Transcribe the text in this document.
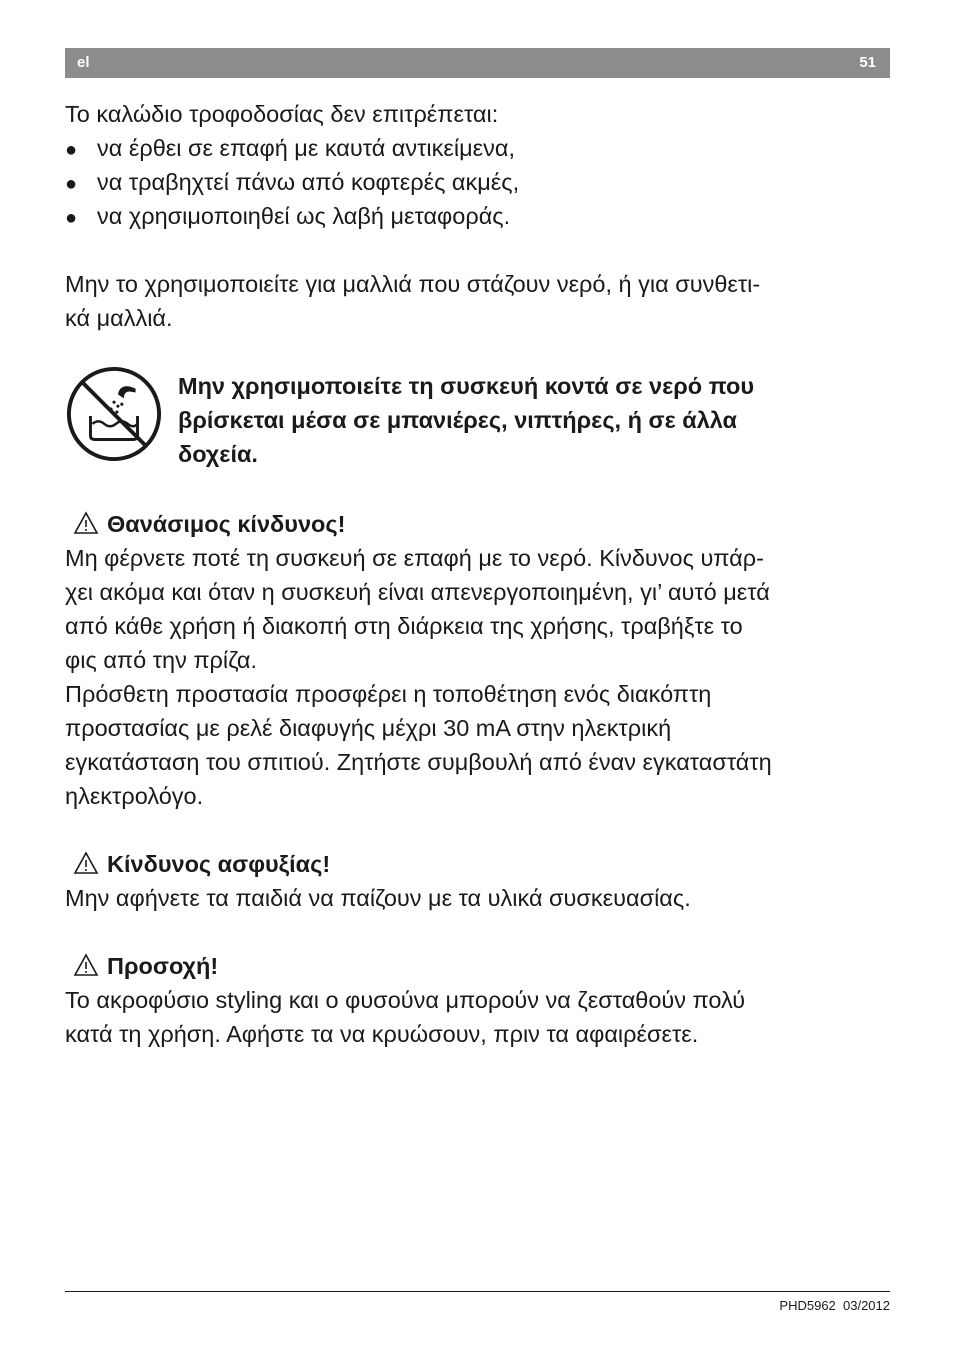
el	51
Το καλώδιο τροφοδοσίας δεν επιτρέπεται:
● να έρθει σε επαφή με καυτά αντικείμενα,
● να τραβηχτεί πάνω από κοφτερές ακμές,
● να χρησιμοποιηθεί ως λαβή μεταφοράς.
Μην το χρησιμοποιείτε για μαλλιά που στάζουν νερό, ή για συνθετι-
κά μαλλιά.
Μην χρησιμοποιείτε τη συσκευή κοντά σε νερό που
βρίσκεται μέσα σε μπανιέρες, νιπτήρες, ή σε άλλα
δοχεία.
Θανάσιμος κίνδυνος!
Μη φέρνετε ποτέ τη συσκευή σε επαφή με το νερό. Κίνδυνος υπάρ-
χει ακόμα και όταν η συσκευή είναι απενεργοποιημένη, γι’ αυτό μετά
από κάθε χρήση ή διακοπή στη διάρκεια της χρήσης, τραβήξτε το
φις από την πρίζα.
Πρόσθετη προστασία προσφέρει η τοποθέτηση ενός διακόπτη
προστασίας με ρελέ διαφυγής μέχρι 30 mA στην ηλεκτρική
εγκατάσταση του σπιτιού. Ζητήστε συμβουλή από έναν εγκαταστάτη
ηλεκτρολόγο.
Κίνδυνος ασφυξίας!
Μην αφήνετε τα παιδιά να παίζουν με τα υλικά συσκευασίας.
Προσοχή!
Το ακροφύσιο styling και ο φυσούνα μπορούν να ζεσταθούν πολύ
κατά τη χρήση. Αφήστε τα να κρυώσουν, πριν τα αφαιρέσετε.
PHD5962  03/2012
